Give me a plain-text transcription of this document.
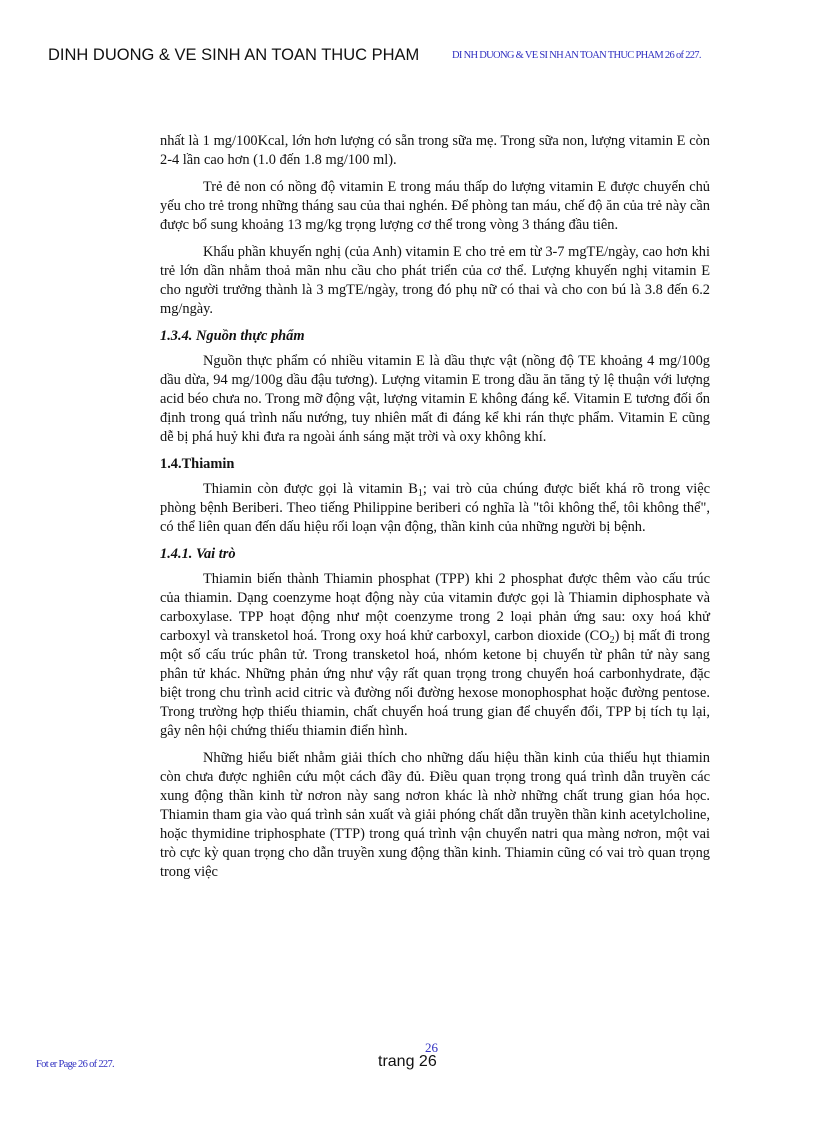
DINH DUONG & VE SINH AN TOAN THUC PHAM	DI NH DUONG & VE SI NH AN TOAN THUC PHAM 26 of 227.

nhất là 1 mg/100Kcal, lớn hơn lượng có sẵn trong sữa mẹ. Trong sữa non, lượng vitamin E còn 2-4 lần cao hơn (1.0 đến 1.8 mg/100 ml).

Trẻ đẻ non có nồng độ vitamin E trong máu thấp do lượng vitamin E được chuyển chủ yếu cho trẻ trong những tháng sau của thai nghén. Để phòng tan máu, chế độ ăn của trẻ này cần được bổ sung khoảng 13 mg/kg trọng lượng cơ thể trong vòng 3 tháng đầu tiên.

Khẩu phần khuyến nghị (của Anh) vitamin E cho trẻ em từ 3-7 mgTE/ngày, cao hơn khi trẻ lớn dần nhằm thoả mãn nhu cầu cho phát triển của cơ thể. Lượng khuyến nghị vitamin E cho người trưởng thành là 3 mgTE/ngày, trong đó phụ nữ có thai và cho con bú là 3.8 đến 6.2 mg/ngày.

1.3.4. Nguồn thực phẩm

Nguồn thực phẩm có nhiều vitamin E là dầu thực vật (nồng độ TE khoảng 4 mg/100g dầu dừa, 94 mg/100g dầu đậu tương). Lượng vitamin E trong dầu ăn tăng tỷ lệ thuận với lượng acid béo chưa no. Trong mỡ động vật, lượng vitamin E không đáng kể. Vitamin E tương đối ổn định trong quá trình nấu nướng, tuy nhiên mất đi đáng kể khi rán thực phẩm. Vitamin E cũng dễ bị phá huỷ khi đưa ra ngoài ánh sáng mặt trời và oxy không khí.

1.4.Thiamin

Thiamin còn được gọi là vitamin $B_1$; vai trò của chúng được biết khá rõ trong việc phòng bệnh Beriberi. Theo tiếng Philippine beriberi có nghĩa là "tôi không thể, tôi không thể", có thể liên quan đến dấu hiệu rối loạn vận động, thần kinh của những người bị bệnh.

1.4.1. Vai trò

Thiamin biến thành Thiamin phosphat (TPP) khi 2 phosphat được thêm vào cấu trúc của thiamin. Dạng coenzyme hoạt động này của vitamin được gọi là Thiamin diphosphate và carboxylase. TPP hoạt động như một coenzyme trong 2 loại phản ứng sau: oxy hoá khử carboxyl và transketol hoá. Trong oxy hoá khử carboxyl, carbon dioxide $(CO_2)$ bị mất đi trong một số cấu trúc phân tử. Trong transketol hoá, nhóm ketone bị chuyển từ phân tử này sang phân tử khác. Những phản ứng như vậy rất quan trọng trong chuyển hoá carbonhydrate, đặc biệt trong chu trình acid citric và đường nối đường hexose monophosphat hoặc đường pentose. Trong trường hợp thiếu thiamin, chất chuyển hoá trung gian để chuyển đổi, TPP bị tích tụ lại, gây nên hội chứng thiếu thiamin điển hình.

Những hiểu biết nhằm giải thích cho những dấu hiệu thần kinh của thiếu hụt thiamin còn chưa được nghiên cứu một cách đầy đủ. Điều quan trọng trong quá trình dẫn truyền các xung động thần kinh từ nơron này sang nơron khác là nhờ những chất trung gian hóa học. Thiamin tham gia vào quá trình sản xuất và giải phóng chất dẫn truyền thần kinh acetylcholine, hoặc thymidine triphosphate (TTP) trong quá trình vận chuyển natri qua màng nơron, một vai trò cực kỳ quan trọng cho dẫn truyền xung động thần kinh. Thiamin cũng có vai trò quan trọng trong việc

26
trang 26
Fot er Page 26 of 227.
